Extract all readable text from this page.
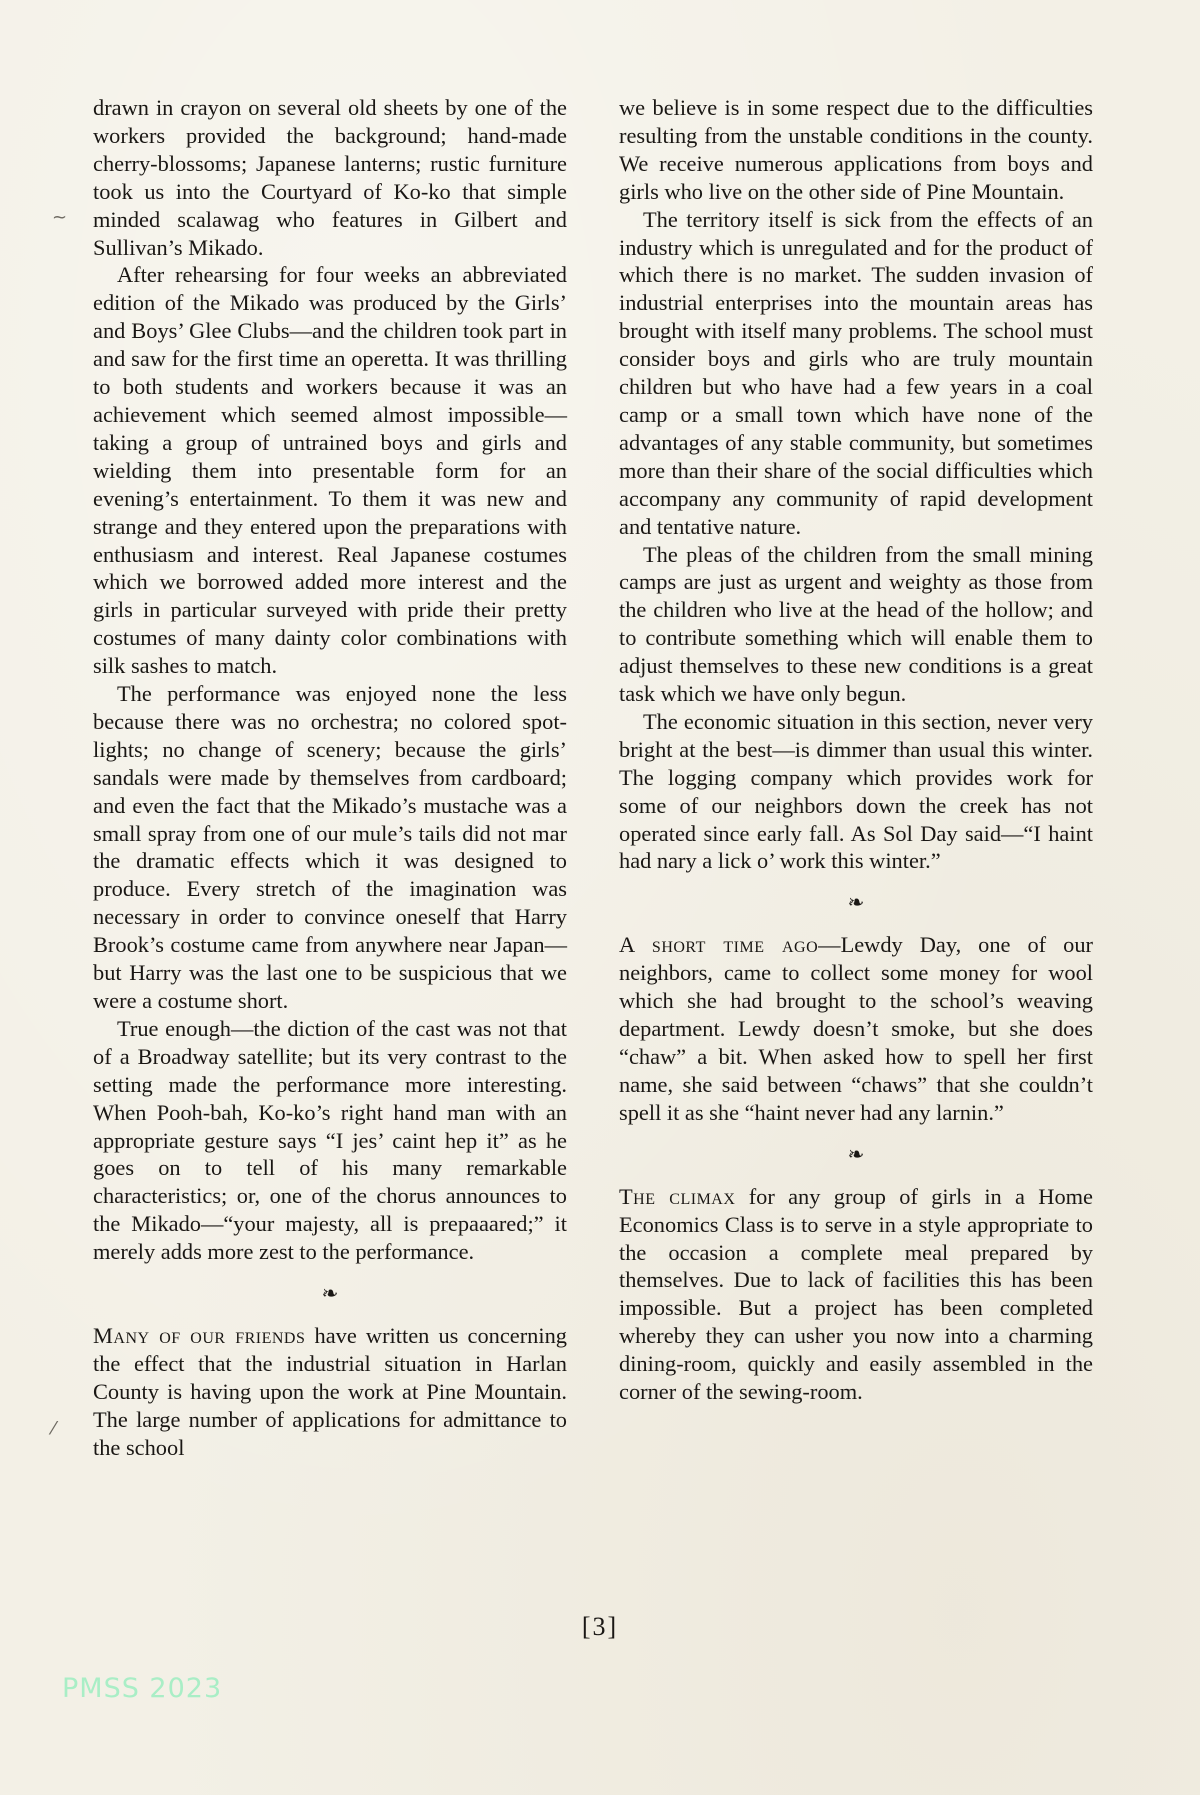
drawn in crayon on several old sheets by one of the workers provided the background; hand-made cherry-blossoms; Japanese lanterns; rustic furniture took us into the Courtyard of Ko-ko that simple minded scalawag who features in Gilbert and Sullivan’s Mikado.

After rehearsing for four weeks an abbreviated edition of the Mikado was produced by the Girls’ and Boys’ Glee Clubs—and the children took part in and saw for the first time an operetta. It was thrilling to both students and workers because it was an achievement which seemed almost impossible—taking a group of untrained boys and girls and wielding them into presentable form for an evening’s entertainment. To them it was new and strange and they entered upon the preparations with enthusiasm and interest. Real Japanese costumes which we borrowed added more interest and the girls in particular surveyed with pride their pretty costumes of many dainty color combinations with silk sashes to match.

The performance was enjoyed none the less because there was no orchestra; no colored spot-lights; no change of scenery; because the girls’ sandals were made by themselves from cardboard; and even the fact that the Mikado’s mustache was a small spray from one of our mule’s tails did not mar the dramatic effects which it was designed to produce. Every stretch of the imagination was necessary in order to convince oneself that Harry Brook’s costume came from anywhere near Japan—but Harry was the last one to be suspicious that we were a costume short.

True enough—the diction of the cast was not that of a Broadway satellite; but its very contrast to the setting made the performance more interesting. When Pooh-bah, Ko-ko’s right hand man with an appropriate gesture says “I jes’ caint hep it” as he goes on to tell of his many remarkable characteristics; or, one of the chorus announces to the Mikado—“your majesty, all is prepaaared;” it merely adds more zest to the performance.

❧

Many of our friends have written us concerning the effect that the industrial situation in Harlan County is having upon the work at Pine Mountain. The large number of applications for admittance to the school

we believe is in some respect due to the difficulties resulting from the unstable conditions in the county. We receive numerous applications from boys and girls who live on the other side of Pine Mountain.

The territory itself is sick from the effects of an industry which is unregulated and for the product of which there is no market. The sudden invasion of industrial enterprises into the mountain areas has brought with itself many problems. The school must consider boys and girls who are truly mountain children but who have had a few years in a coal camp or a small town which have none of the advantages of any stable community, but sometimes more than their share of the social difficulties which accompany any community of rapid development and tentative nature.

The pleas of the children from the small mining camps are just as urgent and weighty as those from the children who live at the head of the hollow; and to contribute something which will enable them to adjust themselves to these new conditions is a great task which we have only begun.

The economic situation in this section, never very bright at the best—is dimmer than usual this winter. The logging company which provides work for some of our neighbors down the creek has not operated since early fall. As Sol Day said—“I haint had nary a lick o’ work this winter.”

❧

A short time ago—Lewdy Day, one of our neighbors, came to collect some money for wool which she had brought to the school’s weaving department. Lewdy doesn’t smoke, but she does “chaw” a bit. When asked how to spell her first name, she said between “chaws” that she couldn’t spell it as she “haint never had any larnin.”

❧

The climax for any group of girls in a Home Economics Class is to serve in a style appropriate to the occasion a complete meal prepared by themselves. Due to lack of facilities this has been impossible. But a project has been completed whereby they can usher you now into a charming dining-room, quickly and easily assembled in the corner of the sewing-room.

[3]
PMSS 2023
~
⁄
